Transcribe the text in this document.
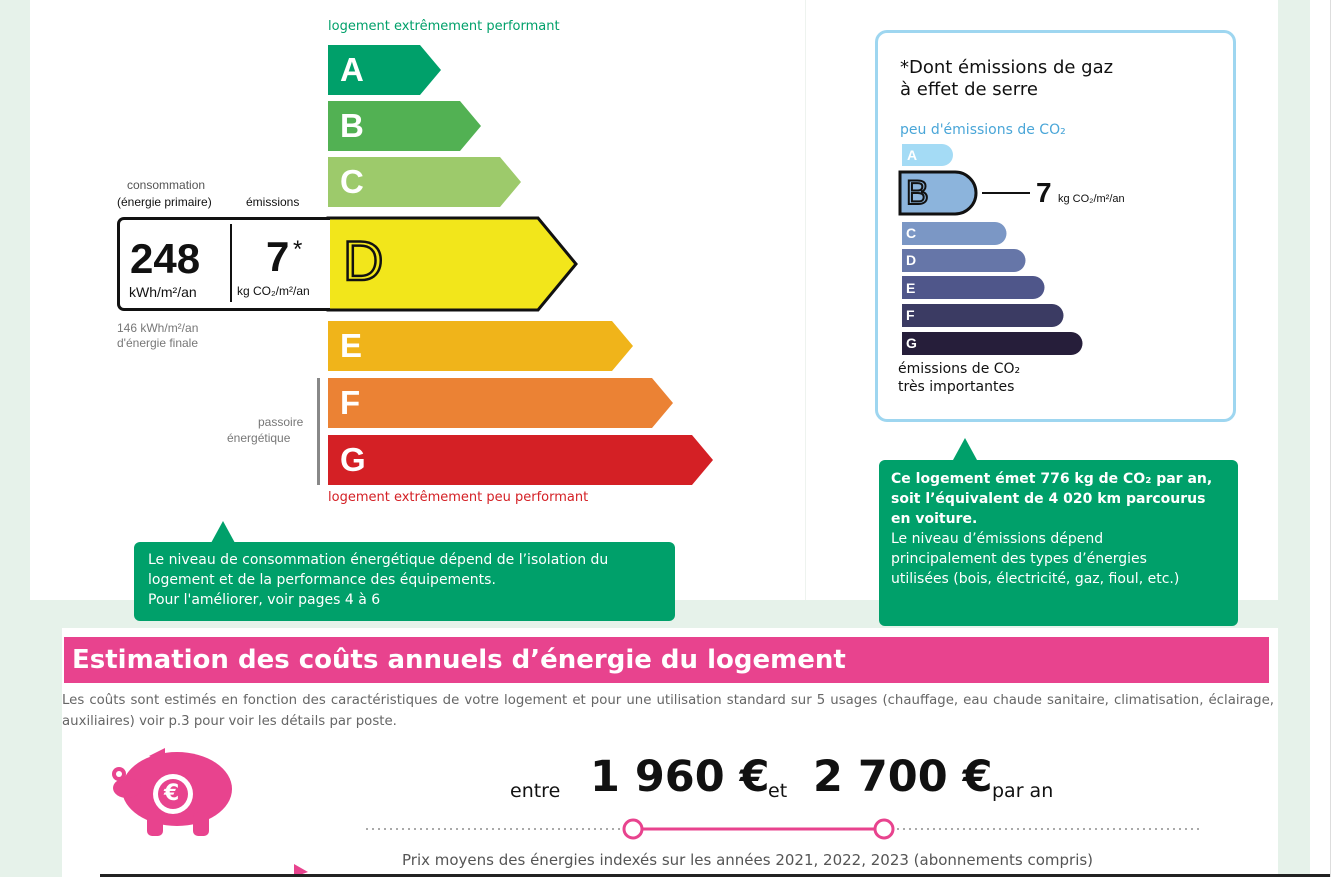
logement extrêmement performant
A
B
C
D
E
F
G
logement extrêmement peu performant
consommation
(énergie primaire)	émissions
248
kWh/m²/an
7 *
kg CO₂/m²/an
146 kWh/m²/an
d'énergie finale
passoire
énergétique
Le niveau de consommation énergétique dépend de l’isolation du
logement et de la performance des équipements.
Pour l'améliorer, voir pages 4 à 6
*Dont émissions de gaz
à effet de serre
peu d'émissions de CO₂
A
B
C
D
E
F
G
7 kg CO₂/m²/an
émissions de CO₂
très importantes
Ce logement émet 776 kg de CO₂ par an,
soit l’équivalent de 4 020 km parcourus
en voiture.
Le niveau d’émissions dépend
principalement des types d’énergies
utilisées (bois, électricité, gaz, fioul, etc.)
Estimation des coûts annuels d’énergie du logement
Les coûts sont estimés en fonction des caractéristiques de votre logement et pour une utilisation standard sur 5 usages (chauffage, eau chaude sanitaire, climatisation, éclairage, auxiliaires) voir p.3 pour voir les détails par poste.
€	entre 1 960 €
et 2 700 € par an
Prix moyens des énergies indexés sur les années 2021, 2022, 2023 (abonnements compris)
